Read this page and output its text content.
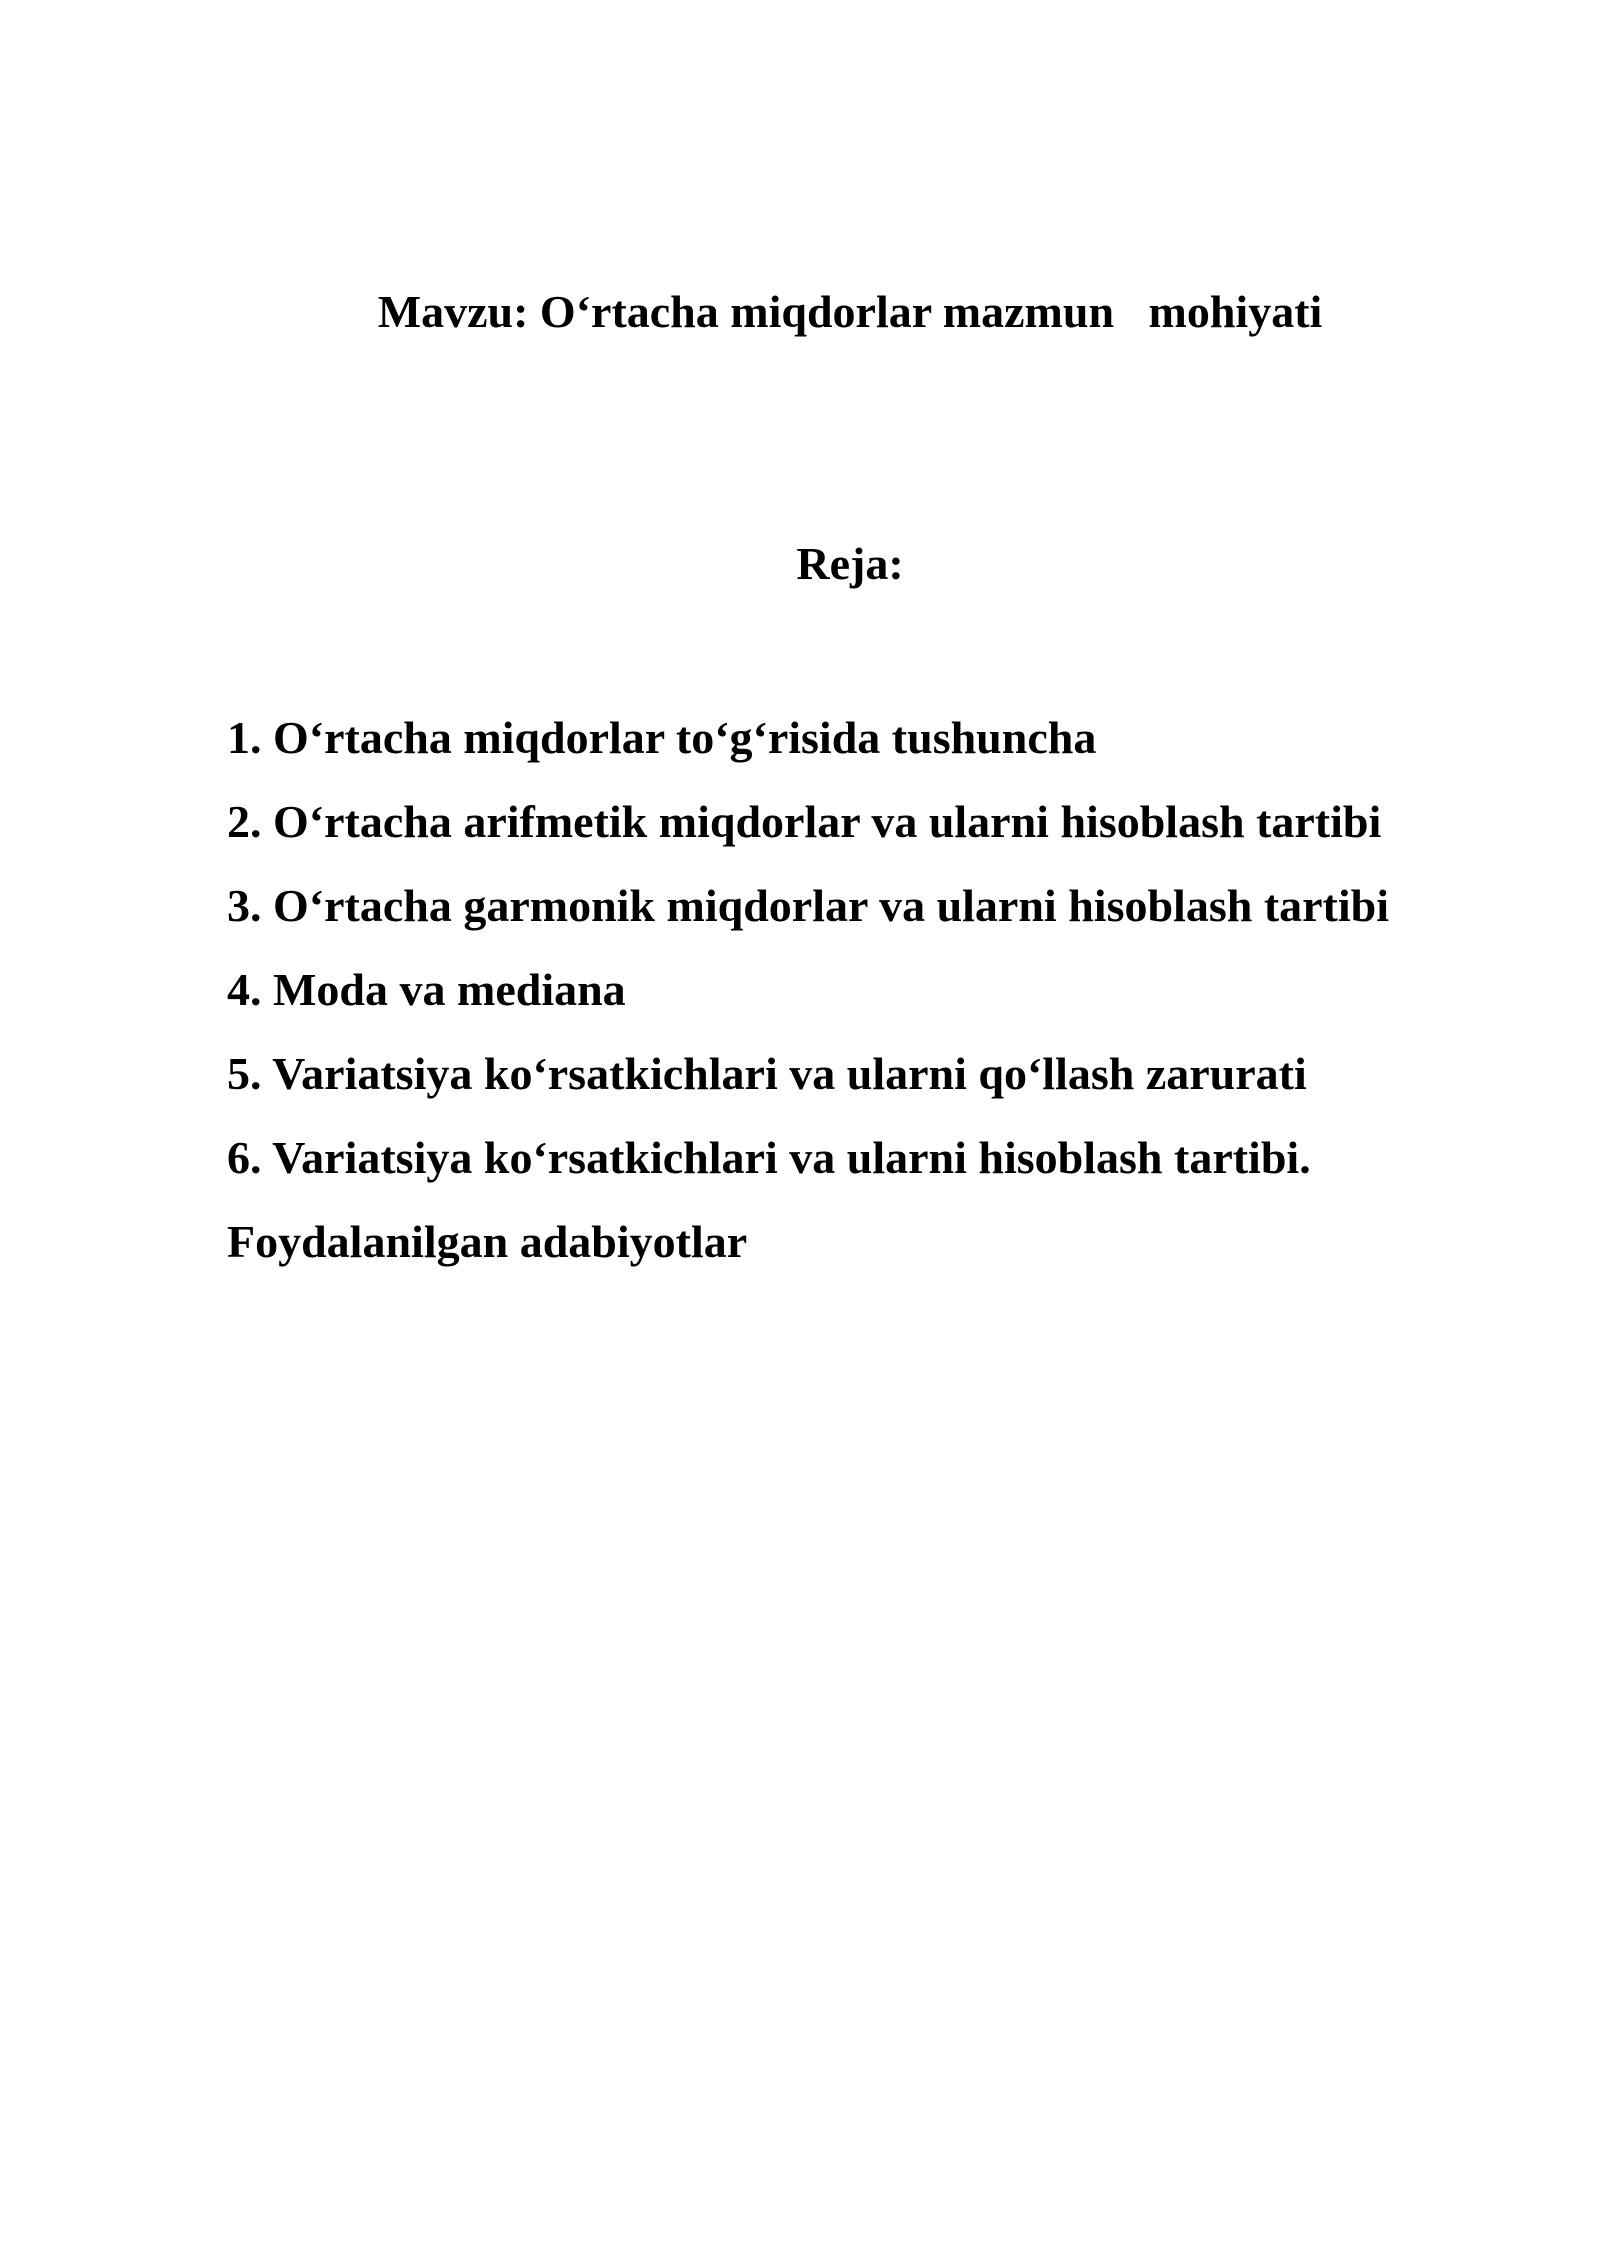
Mavzu: O‘rtacha miqdorlar mazmun   mohiyati
Reja:
1. O‘rtacha miqdorlar to‘g‘risida tushuncha
2. O‘rtacha arifmetik miqdorlar va ularni hisoblash tartibi
3. O‘rtacha garmonik miqdorlar va ularni hisoblash tartibi
4. Moda va mediana
5. Variatsiya ko‘rsatkichlari va ularni qo‘llash zarurati
6. Variatsiya ko‘rsatkichlari va ularni hisoblash tartibi.
Foydalanilgan adabiyotlar
